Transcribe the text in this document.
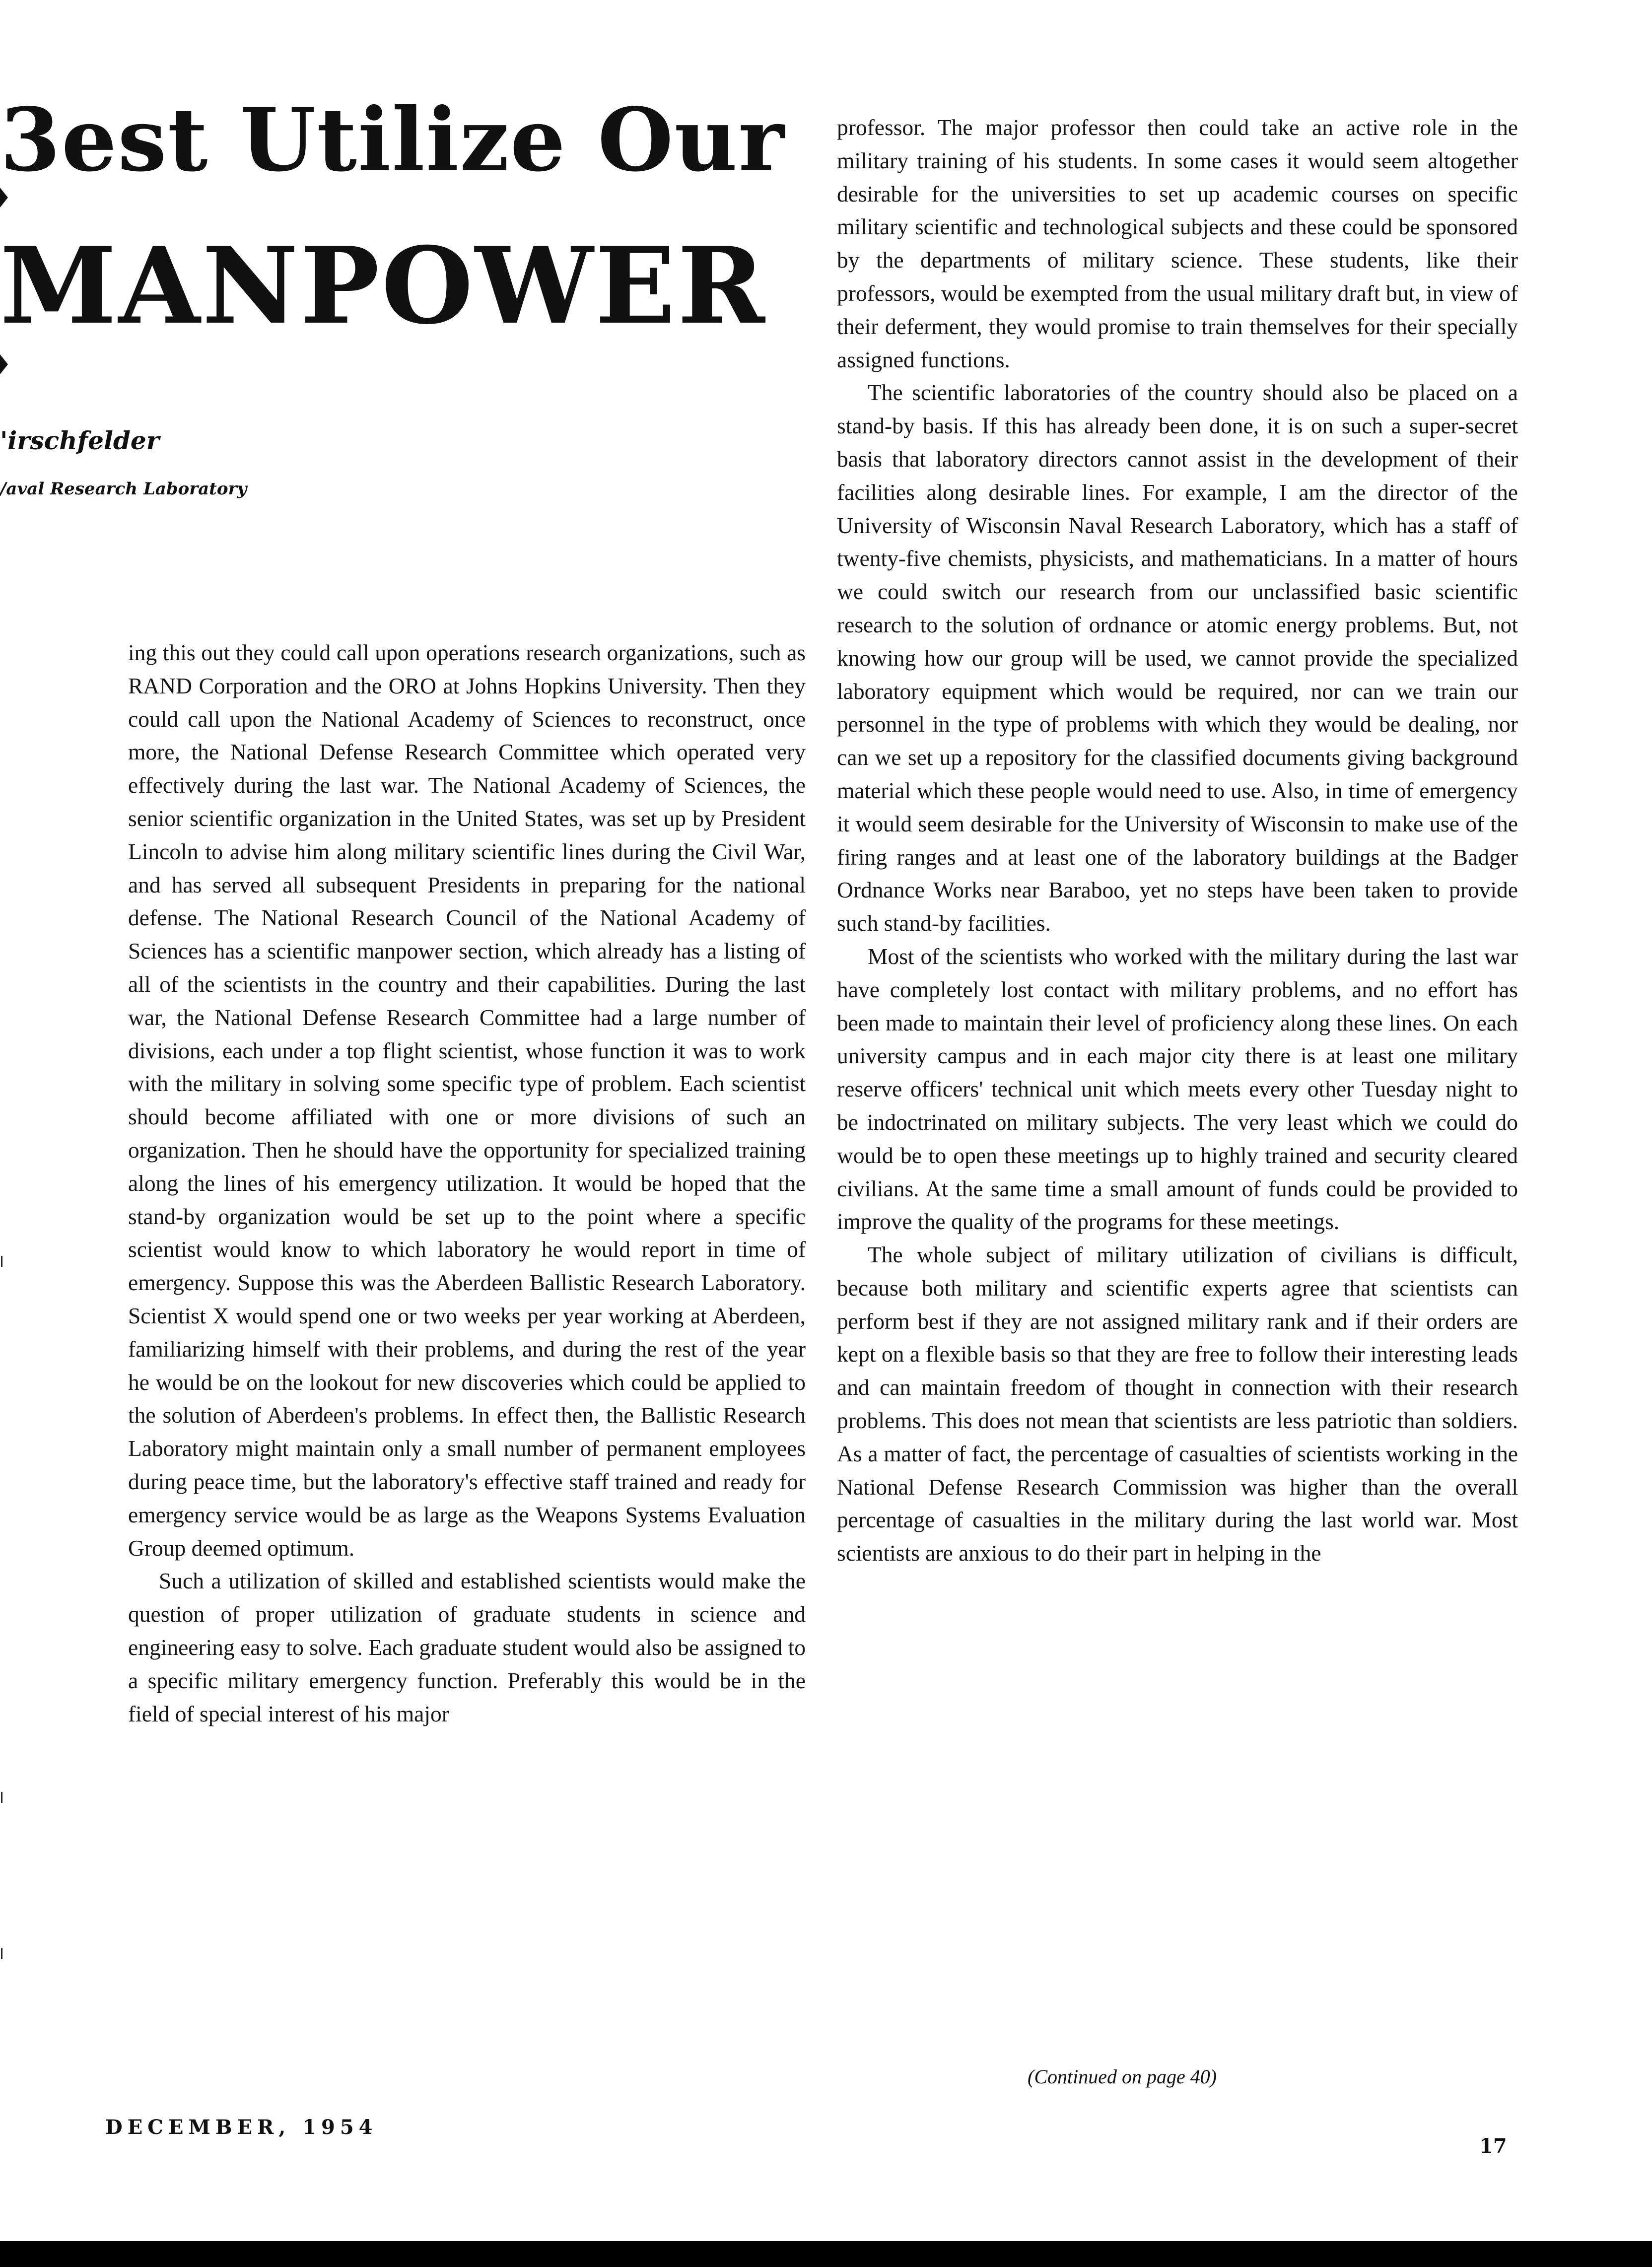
3est Utilize Our
MANPOWER
'irschfelder
/aval Research Laboratory

ing this out they could call upon operations research organizations, such as RAND Corporation and the ORO at Johns Hopkins University. Then they could call upon the National Academy of Sciences to reconstruct, once more, the National Defense Research Committee which operated very effectively during the last war. The National Academy of Sciences, the senior scientific organization in the United States, was set up by President Lincoln to advise him along military scientific lines during the Civil War, and has served all subsequent Presidents in preparing for the national defense. The National Research Council of the National Academy of Sciences has a scientific manpower section, which already has a listing of all of the scientists in the country and their capabilities. During the last war, the National Defense Research Committee had a large number of divisions, each under a top flight scientist, whose function it was to work with the military in solving some specific type of problem. Each scientist should become affiliated with one or more divisions of such an organization. Then he should have the opportunity for specialized training along the lines of his emergency utilization. It would be hoped that the stand-by organization would be set up to the point where a specific scientist would know to which laboratory he would report in time of emergency. Suppose this was the Aberdeen Ballistic Research Laboratory. Scientist X would spend one or two weeks per year working at Aberdeen, familiarizing himself with their problems, and during the rest of the year he would be on the lookout for new discoveries which could be applied to the solution of Aberdeen's problems. In effect then, the Ballistic Research Laboratory might maintain only a small number of permanent employees during peace time, but the laboratory's effective staff trained and ready for emergency service would be as large as the Weapons Systems Evaluation Group deemed optimum.

Such a utilization of skilled and established scientists would make the question of proper utilization of graduate students in science and engineering easy to solve. Each graduate student would also be assigned to a specific military emergency function. Preferably this would be in the field of special interest of his major

professor. The major professor then could take an active role in the military training of his students. In some cases it would seem altogether desirable for the universities to set up academic courses on specific military scientific and technological subjects and these could be sponsored by the departments of military science. These students, like their professors, would be exempted from the usual military draft but, in view of their deferment, they would promise to train themselves for their specially assigned functions.

The scientific laboratories of the country should also be placed on a stand-by basis. If this has already been done, it is on such a super-secret basis that laboratory directors cannot assist in the development of their facilities along desirable lines. For example, I am the director of the University of Wisconsin Naval Research Laboratory, which has a staff of twenty-five chemists, physicists, and mathematicians. In a matter of hours we could switch our research from our unclassified basic scientific research to the solution of ordnance or atomic energy problems. But, not knowing how our group will be used, we cannot provide the specialized laboratory equipment which would be required, nor can we train our personnel in the type of problems with which they would be dealing, nor can we set up a repository for the classified documents giving background material which these people would need to use. Also, in time of emergency it would seem desirable for the University of Wisconsin to make use of the firing ranges and at least one of the laboratory buildings at the Badger Ordnance Works near Baraboo, yet no steps have been taken to provide such stand-by facilities.

Most of the scientists who worked with the military during the last war have completely lost contact with military problems, and no effort has been made to maintain their level of proficiency along these lines. On each university campus and in each major city there is at least one military reserve officers' technical unit which meets every other Tuesday night to be indoctrinated on military subjects. The very least which we could do would be to open these meetings up to highly trained and security cleared civilians. At the same time a small amount of funds could be provided to improve the quality of the programs for these meetings.

The whole subject of military utilization of civilians is difficult, because both military and scientific experts agree that scientists can perform best if they are not assigned military rank and if their orders are kept on a flexible basis so that they are free to follow their interesting leads and can maintain freedom of thought in connection with their research problems. This does not mean that scientists are less patriotic than soldiers. As a matter of fact, the percentage of casualties of scientists working in the National Defense Research Commission was higher than the overall percentage of casualties in the military during the last world war. Most scientists are anxious to do their part in helping in the

(Continued on page 40)
DECEMBER, 1954
17
